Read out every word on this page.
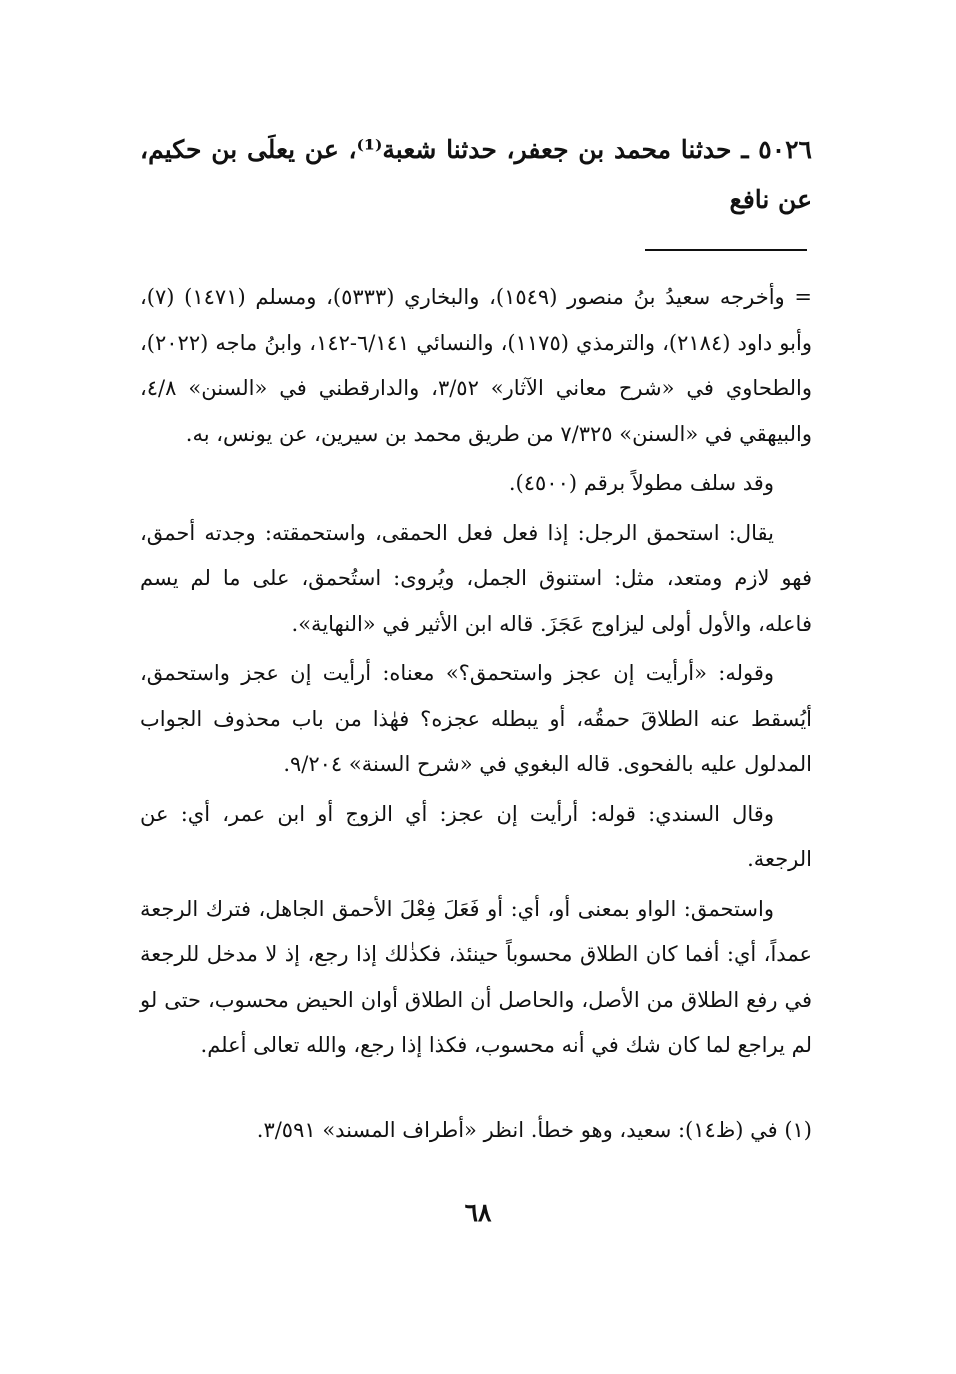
٥٠٢٦ ـ حدثنا محمد بن جعفر، حدثنا شعبة⁽¹⁾، عن يعلَى بن حكيم، عن نافع

= وأخرجه سعيدُ بنُ منصور (١٥٤٩)، والبخاري (٥٣٣٣)، ومسلم (١٤٧١) (٧)، وأبو داود (٢١٨٤)، والترمذي (١١٧٥)، والنسائي ٦/١٤١-١٤٢، وابنُ ماجه (٢٠٢٢)، والطحاوي في «شرح معاني الآثار» ٣/٥٢، والدارقطني في «السنن» ٤/٨، والبيهقي في «السنن» ٧/٣٢٥ من طريق محمد بن سيرين، عن يونس، به.

وقد سلف مطولاً برقم (٤٥٠٠).

يقال: استحمق الرجل: إذا فعل فعل الحمقى، واستحمقته: وجدته أحمق، فهو لازم ومتعد، مثل: استنوق الجمل، ويُروى: استُحمق، على ما لم يسم فاعله، والأول أولى ليزاوج عَجَزَ. قاله ابن الأثير في «النهاية».

وقوله: «أرأيت إن عجز واستحمق؟» معناه: أرأيت إن عجز واستحمق، أيُسقط عنه الطلاقَ حمقُه، أو يبطله عجزه؟ فهٰذا من باب محذوف الجواب المدلول عليه بالفحوى. قاله البغوي في «شرح السنة» ٩/٢٠٤.

وقال السندي: قوله: أرأيت إن عجز: أي الزوج أو ابن عمر، أي: عن الرجعة.

واستحمق: الواو بمعنى أو، أي: أو فَعَلَ فِعْلَ الأحمق الجاهل، فترك الرجعة عمداً، أي: أفما كان الطلاق محسوباً حينئذ، فكذٰلك إذا رجع، إذ لا مدخل للرجعة في رفع الطلاق من الأصل، والحاصل أن الطلاق أوان الحيض محسوب، حتى لو لم يراجع لما كان شك في أنه محسوب، فكذا إذا رجع، والله تعالى أعلم.

(١) في (ظ١٤): سعيد، وهو خطأ. انظر «أطراف المسند» ٣/٥٩١.
٦٨
